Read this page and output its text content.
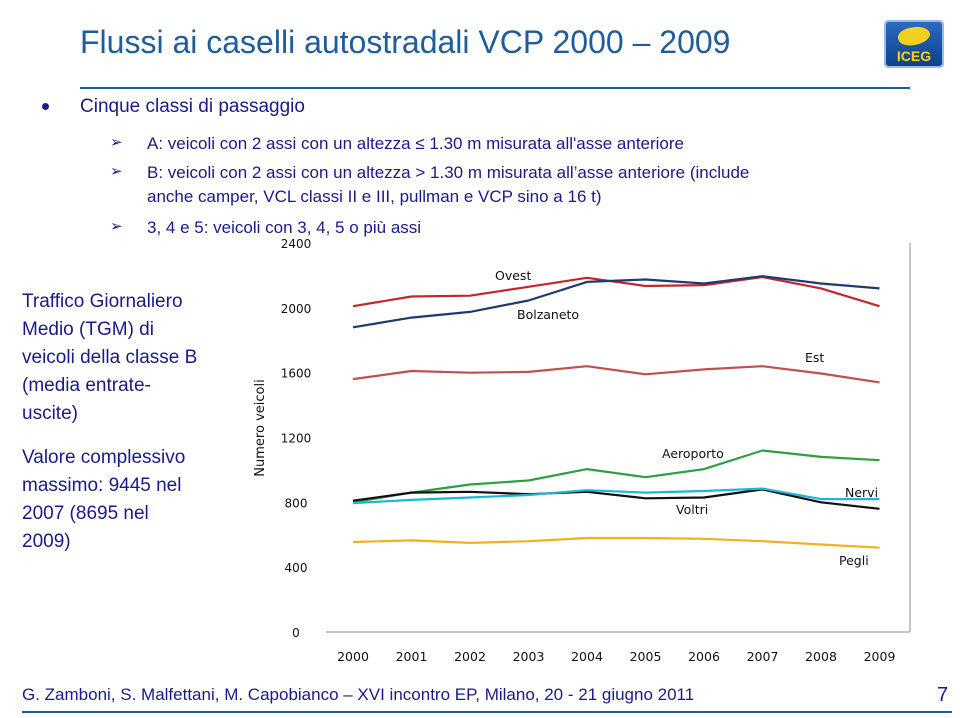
Flussi ai caselli autostradali VCP 2000 – 2009	ICEG
Cinque classi di passaggio
➢ A: veicoli con 2 assi con un altezza ≤ 1.30 m misurata all'asse anteriore
➢ B: veicoli con 2 assi con un altezza > 1.30 m misurata all’asse anteriore (include
anche camper, VCL classi II e III, pullman e VCP sino a 16 t)
➢ 3, 4 e 5: veicoli con 3, 4, 5 o più assi
Traffico Giornaliero
Medio (TGM) di
veicoli della classe B
(media entrate-
uscite)
Valore complessivo
massimo: 9445 nel
2007 (8695 nel
2009)
0
400
800
1200
1600
2000
2400
2000 2001 2002 2003 2004 2005 2006 2007 2008 2009
Numero veicoli
Ovest
Bolzaneto
Est
Aeroporto
Voltri
Nervi
Pegli
G. Zamboni, S. Malfettani, M. Capobianco – XVI incontro EP, Milano, 20 - 21 giugno 2011	7
